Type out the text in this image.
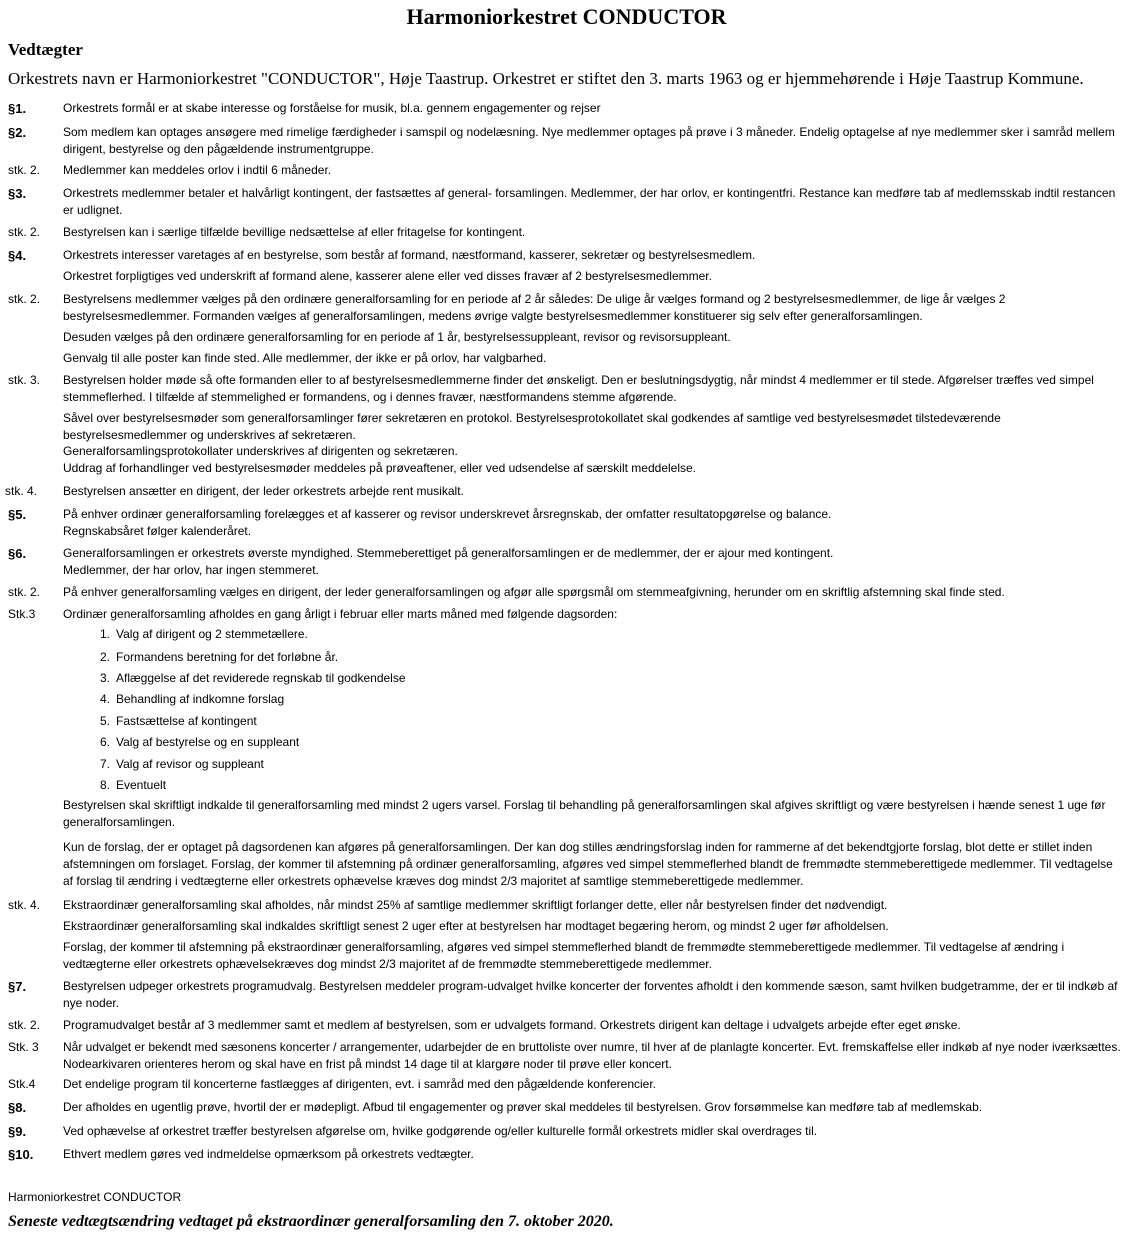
Harmoniorkestret CONDUCTOR
Vedtægter
Orkestrets navn er Harmoniorkestret "CONDUCTOR", Høje Taastrup. Orkestret er stiftet den 3. marts 1963 og er hjemmehørende i Høje Taastrup Kommune.
§1.	Orkestrets formål er at skabe interesse og forståelse for musik, bl.a. gennem engagementer og rejser
§2.	Som medlem kan optages ansøgere med rimelige færdigheder i samspil og nodelæsning. Nye medlemmer optages på prøve i 3 måneder. Endelig optagelse af nye medlemmer sker i samråd mellem dirigent, bestyrelse og den pågældende instrumentgruppe.
stk. 2. Medlemmer kan meddeles orlov i indtil 6 måneder.
§3.	Orkestrets medlemmer betaler et halvårligt kontingent, der fastsættes af general- forsamlingen. Medlemmer, der har orlov, er kontingentfri. Restance kan medføre tab af medlemsskab indtil restancen er udlignet.
stk. 2. Bestyrelsen kan i særlige tilfælde bevillige nedsættelse af eller fritagelse for kontingent.
§4.	Orkestrets interesser varetages af en bestyrelse, som består af formand, næstformand, kasserer, sekretær og bestyrelsesmedlem.
Orkestret forpligtiges ved underskrift af formand alene, kasserer alene eller ved disses fravær af 2 bestyrelsesmedlemmer.
stk. 2. Bestyrelsens medlemmer vælges på den ordinære generalforsamling for en periode af 2 år således: De ulige år vælges formand og 2 bestyrelsesmedlemmer, de lige år vælges 2 bestyrelsesmedlemmer. Formanden vælges af generalforsamlingen, medens øvrige valgte bestyrelsesmedlemmer konstituerer sig selv efter generalforsamlingen.
Desuden vælges på den ordinære generalforsamling for en periode af 1 år, bestyrelsessuppleant, revisor og revisorsuppleant.
Genvalg til alle poster kan finde sted. Alle medlemmer, der ikke er på orlov, har valgbarhed.
stk. 3. Bestyrelsen holder møde så ofte formanden eller to af bestyrelsesmedlemmerne finder det ønskeligt. Den er beslutningsdygtig, når mindst 4 medlemmer er til stede. Afgørelser træffes ved simpel stemmeflerhed. I tilfælde af stemmelighed er formandens, og i dennes fravær, næstformandens stemme afgørende.
Såvel over bestyrelsesmøder som generalforsamlinger fører sekretæren en protokol. Bestyrelsesprotokollatet skal godkendes af samtlige ved bestyrelsesmødet tilstedeværende bestyrelsesmedlemmer og underskrives af sekretæren.
Generalforsamlingsprotokollater underskrives af dirigenten og sekretæren.
Uddrag af forhandlinger ved bestyrelsesmøder meddeles på prøveaftener, eller ved udsendelse af særskilt meddelelse.
stk. 4. Bestyrelsen ansætter en dirigent, der leder orkestrets arbejde rent musikalt.
§5.	På enhver ordinær generalforsamling forelægges et af kasserer og revisor underskrevet årsregnskab, der omfatter resultatopgørelse og balance.
Regnskabsåret følger kalenderåret.
§6.	Generalforsamlingen er orkestrets øverste myndighed. Stemmeberettiget på generalforsamlingen er de medlemmer, der er ajour med kontingent.
Medlemmer, der har orlov, har ingen stemmeret.
stk. 2. På enhver generalforsamling vælges en dirigent, der leder generalforsamlingen og afgør alle spørgsmål om stemmeafgivning, herunder om en skriftlig afstemning skal finde sted.
Stk.3 Ordinær generalforsamling afholdes en gang årligt i februar eller marts måned med følgende dagsorden:
Bestyrelsen skal skriftligt indkalde til generalforsamling med mindst 2 ugers varsel. Forslag til behandling på generalforsamlingen skal afgives skriftligt og være bestyrelsen i hænde senest 1 uge før generalforsamlingen.
Kun de forslag, der er optaget på dagsordenen kan afgøres på generalforsamlingen. Der kan dog stilles ændringsforslag inden for rammerne af det bekendtgjorte forslag, blot dette er stillet inden afstemningen om forslaget. Forslag, der kommer til afstemning på ordinær generalforsamling, afgøres ved simpel stemmeflerhed blandt de fremmødte stemmeberettigede medlemmer. Til vedtagelse af forslag til ændring i vedtægterne eller orkestrets ophævelse kræves dog mindst 2/3 majoritet af samtlige stemmeberettigede medlemmer.
stk. 4. Ekstraordinær generalforsamling skal afholdes, når mindst 25% af samtlige medlemmer skriftligt forlanger dette, eller når bestyrelsen finder det nødvendigt.
Ekstraordinær generalforsamling skal indkaldes skriftligt senest 2 uger efter at bestyrelsen har modtaget begæring herom, og mindst 2 uger før afholdelsen.
Forslag, der kommer til afstemning på ekstraordinær generalforsamling, afgøres ved simpel stemmeflerhed blandt de fremmødte stemmeberettigede medlemmer. Til vedtagelse af ændring i vedtægterne eller orkestrets ophævelsekræves dog mindst 2/3 majoritet af de fremmødte stemmeberettigede medlemmer.
§7.	Bestyrelsen udpeger orkestrets programudvalg. Bestyrelsen meddeler program-udvalget hvilke koncerter der forventes afholdt i den kommende sæson, samt hvilken budgetramme, der er til indkøb af nye noder.
stk. 2. Programudvalget består af 3 medlemmer samt et medlem af bestyrelsen, som er udvalgets formand. Orkestrets dirigent kan deltage i udvalgets arbejde efter eget ønske.
Stk. 3 Når udvalget er bekendt med sæsonens koncerter / arrangementer, udarbejder de en bruttoliste over numre, til hver af de planlagte koncerter. Evt. fremskaffelse eller indkøb af nye noder iværksættes. Nodearkivaren orienteres herom og skal have en frist på mindst 14 dage til at klargøre noder til prøve eller koncert.
Stk.4 Det endelige program til koncerterne fastlægges af dirigenten, evt. i samråd med den pågældende konferencier.
§8.	Der afholdes en ugentlig prøve, hvortil der er mødepligt. Afbud til engagementer og prøver skal meddeles til bestyrelsen. Grov forsømmelse kan medføre tab af medlemskab.
§9.	Ved ophævelse af orkestret træffer bestyrelsen afgørelse om, hvilke godgørende og/eller kulturelle formål orkestrets midler skal overdrages til.
§10. Ethvert medlem gøres ved indmeldelse opmærksom på orkestrets vedtægter.
1. Valg af dirigent og 2 stemmetællere.
2. Formandens beretning for det forløbne år.
3. Aflæggelse af det reviderede regnskab til godkendelse
4. Behandling af indkomne forslag
5. Fastsættelse af kontingent
6. Valg af bestyrelse og en suppleant
7. Valg af revisor og suppleant
8. Eventuelt
Harmoniorkestret CONDUCTOR
Seneste vedtægtsændring vedtaget på ekstraordinær generalforsamling den 7. oktober 2020.
